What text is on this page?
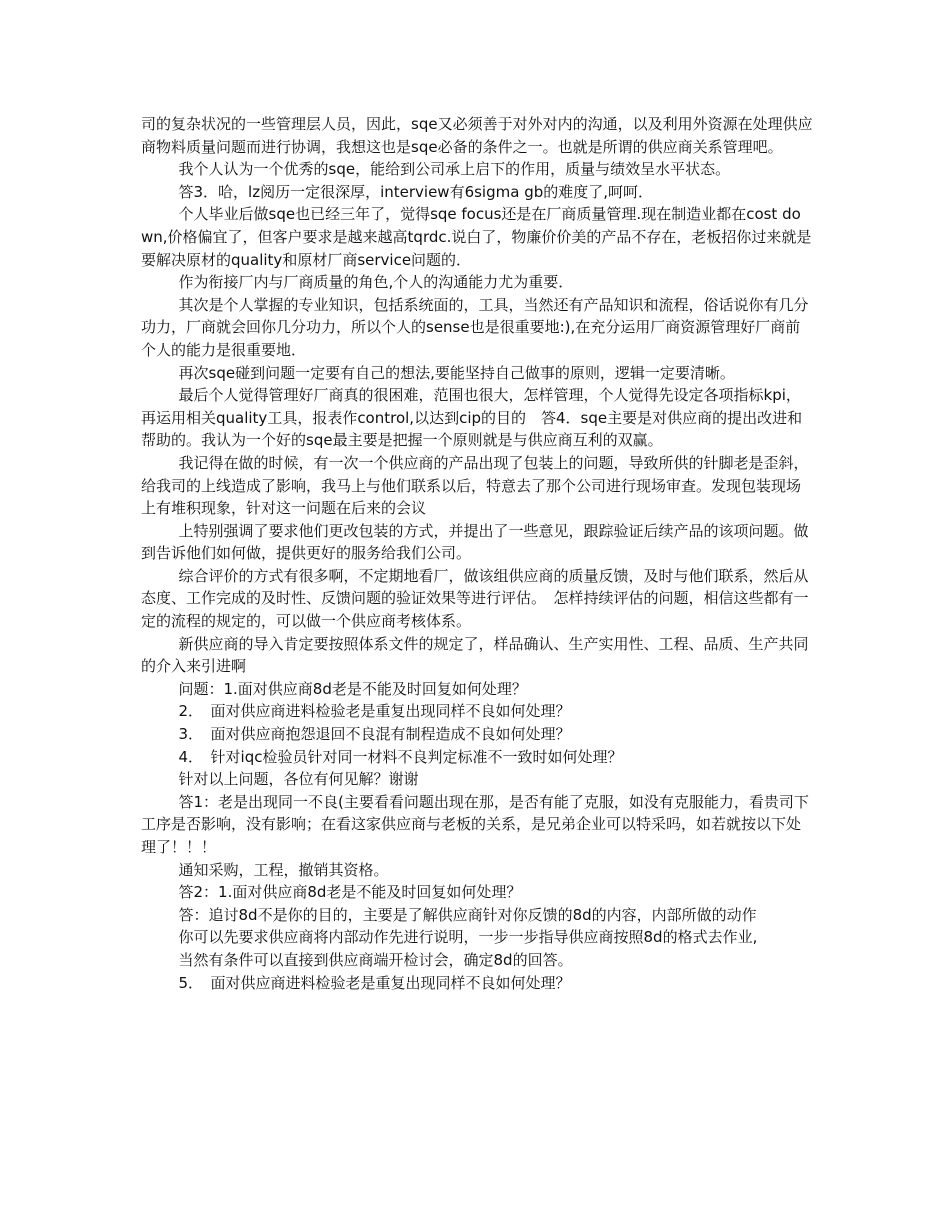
司的复杂状况的一些管理层人员，因此，sqe又必须善于对外对内的沟通，以及利用外资源在处理供应商物料质量问题而进行协调，我想这也是sqe必备的条件之一。也就是所谓的供应商关系管理吧。

我个人认为一个优秀的sqe，能给到公司承上启下的作用，质量与绩效呈水平状态。

答3．哈，lz阅历一定很深厚，interview有6sigma gb的难度了,呵呵．

个人毕业后做sqe也已经三年了，觉得sqe focus还是在厂商质量管理.现在制造业都在cost down,价格偏宜了，但客户要求是越来越高tqrdc.说白了，物廉价价美的产品不存在，老板招你过来就是要解决原材的quality和原材厂商service问题的．

作为衔接厂内与厂商质量的角色,个人的沟通能力尤为重要．

其次是个人掌握的专业知识，包括系统面的，工具，当然还有产品知识和流程，俗话说你有几分功力，厂商就会回你几分功力，所以个人的sense也是很重要地:),在充分运用厂商资源管理好厂商前个人的能力是很重要地．

再次sqe碰到问题一定要有自己的想法,要能坚持自己做事的原则，逻辑一定要清晰。

最后个人觉得管理好厂商真的很困难，范围也很大，怎样管理，个人觉得先设定各项指标kpi，再运用相关quality工具，报表作control,以达到cip的目的　答4．sqe主要是对供应商的提出改进和帮助的。我认为一个好的sqe最主要是把握一个原则就是与供应商互利的双赢。

我记得在做的时候，有一次一个供应商的产品出现了包装上的问题，导致所供的针脚老是歪斜，给我司的上线造成了影响，我马上与他们联系以后，特意去了那个公司进行现场审查。发现包装现场上有堆积现象，针对这一问题在后来的会议

上特别强调了要求他们更改包装的方式，并提出了一些意见，跟踪验证后续产品的该项问题。做到告诉他们如何做，提供更好的服务给我们公司。

综合评价的方式有很多啊，不定期地看厂，做该组供应商的质量反馈，及时与他们联系，然后从态度、工作完成的及时性、反馈问题的验证效果等进行评估。　怎样持续评估的问题，相信这些都有一定的流程的规定的，可以做一个供应商考核体系。

新供应商的导入肯定要按照体系文件的规定了，样品确认、生产实用性、工程、品质、生产共同的介入来引进啊

问题：1.面对供应商8d老是不能及时回复如何处理？

2．　面对供应商进料检验老是重复出现同样不良如何处理？

3．　面对供应商抱怨退回不良混有制程造成不良如何处理？

4．　针对iqc检验员针对同一材料不良判定标准不一致时如何处理？

针对以上问题，各位有何见解？谢谢

答1：老是出现同一不良(主要看看问题出现在那，是否有能了克服，如没有克服能力，看贵司下工序是否影响，没有影响；在看这家供应商与老板的关系，是兄弟企业可以特采吗，如若就按以下处理了！！！

通知采购，工程，撤销其资格。

答2：1.面对供应商8d老是不能及时回复如何处理？

答：追讨8d不是你的目的，主要是了解供应商针对你反馈的8d的内容，内部所做的动作

你可以先要求供应商将内部动作先进行说明，一步一步指导供应商按照8d的格式去作业,

当然有条件可以直接到供应商端开检讨会，确定8d的回答。

5．　面对供应商进料检验老是重复出现同样不良如何处理？
